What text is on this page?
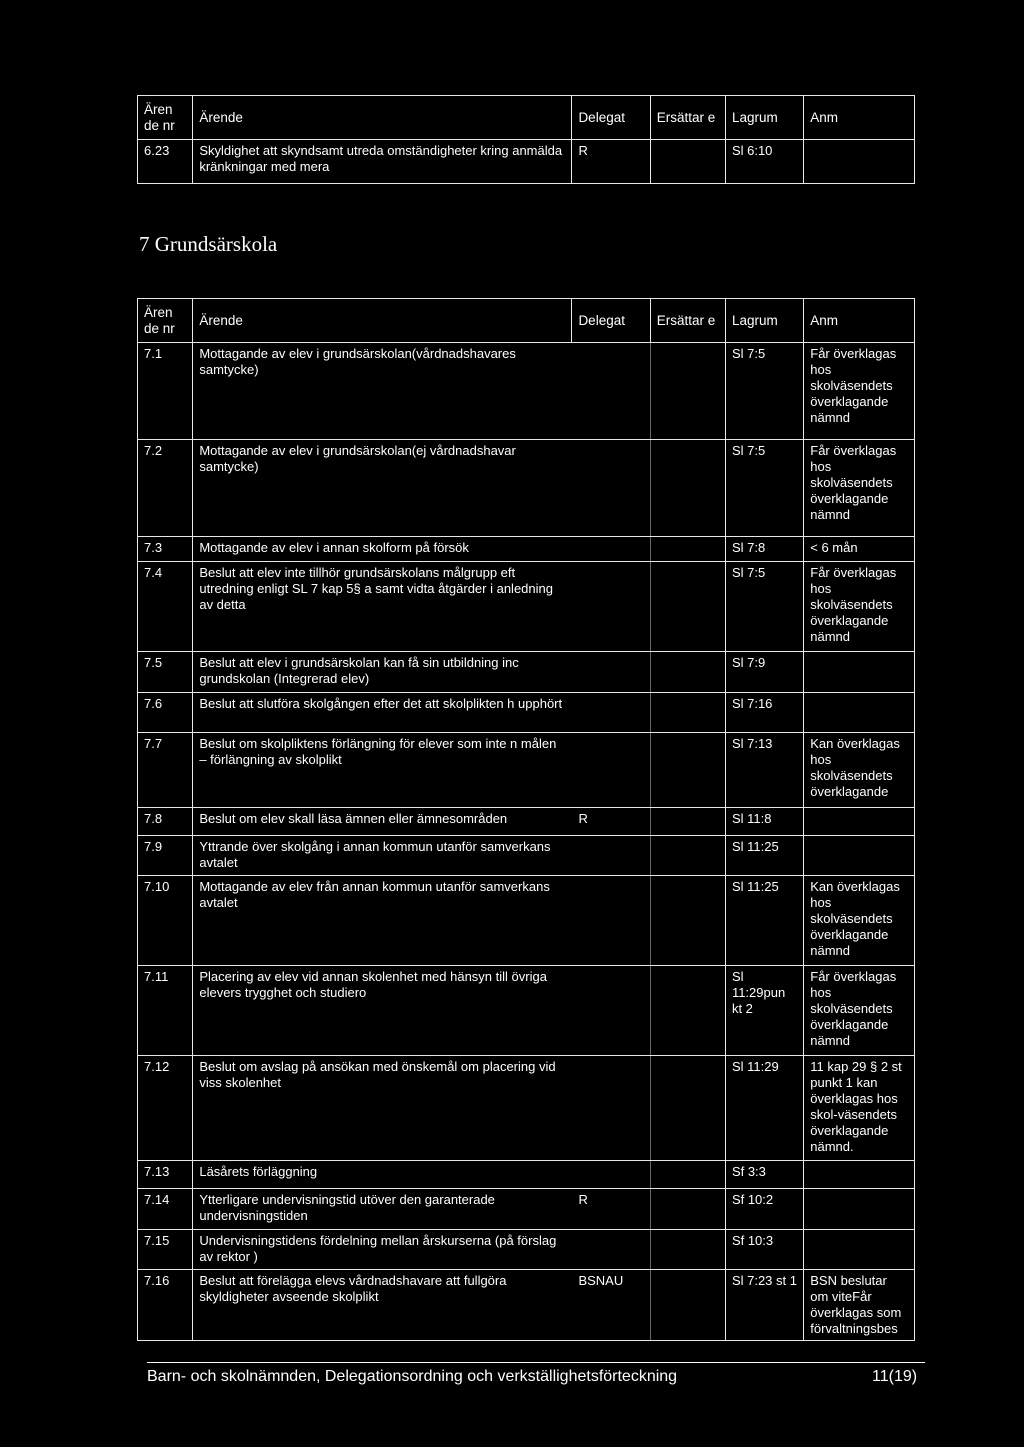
Ären de nr	Ärende	Delegat	Ersättar e	Lagrum	Anm
6.23	Skyldighet att skyndsamt utreda omständigheter kring anmälda kränkningar med mera	R		Sl 6:10	
7 Grundsärskola
Ären de nr	Ärende	Delegat	Ersättar e	Lagrum	Anm
7.1	Mottagande av elev i grundsärskolan(vårdnadshavares samtycke)			Sl 7:5	Får överklagas hos skolväsendets överklagande nämnd
7.2	Mottagande av elev i grundsärskolan(ej vårdnadshavar samtycke)			Sl 7:5	Får överklagas hos skolväsendets överklagande nämnd
7.3	Mottagande av elev i annan skolform på försök			Sl 7:8	< 6 mån
7.4	Beslut att elev inte tillhör grundsärskolans målgrupp eft utredning enligt SL 7 kap 5§ a samt vidta åtgärder i anledning av detta			Sl 7:5	Får överklagas hos skolväsendets överklagande nämnd
7.5	Beslut att elev i grundsärskolan kan få sin utbildning inc grundskolan (Integrerad elev)			Sl 7:9	
7.6	Beslut att slutföra skolgången efter det att skolplikten h upphört			Sl 7:16	
7.7	Beslut om skolpliktens förlängning för elever som inte n målen – förlängning av skolplikt			Sl 7:13	Kan överklagas hos skolväsendets överklagande
7.8	Beslut om elev skall läsa ämnen eller ämnesområden	R		Sl 11:8	
7.9	Yttrande över skolgång i annan kommun utanför samverkans avtalet			Sl 11:25	
7.10	Mottagande av elev från annan kommun utanför samverkans avtalet			Sl 11:25	Kan överklagas hos skolväsendets överklagande nämnd
7.11	Placering av elev vid annan skolenhet med hänsyn till övriga elevers trygghet och studiero			Sl 11:29pun kt 2	Får överklagas hos skolväsendets överklagande nämnd
7.12	Beslut om avslag på ansökan med önskemål om placering vid viss skolenhet			Sl 11:29	11 kap 29 § 2 st punkt 1 kan överklagas hos skol-väsendets överklagande nämnd.
7.13	Läsårets förläggning			Sf 3:3	
7.14	Ytterligare undervisningstid utöver den garanterade undervisningstiden	R		Sf 10:2	
7.15	Undervisningstidens fördelning mellan årskurserna (på förslag av rektor )			Sf 10:3	
7.16	Beslut att förelägga elevs vårdnadshavare att fullgöra skyldigheter avseende skolplikt	BSNAU		Sl 7:23 st 1	BSN beslutar om viteFår överklagas som förvaltningsbes
Barn- och skolnämnden, Delegationsordning och verkställighetsförteckning	11(19)
